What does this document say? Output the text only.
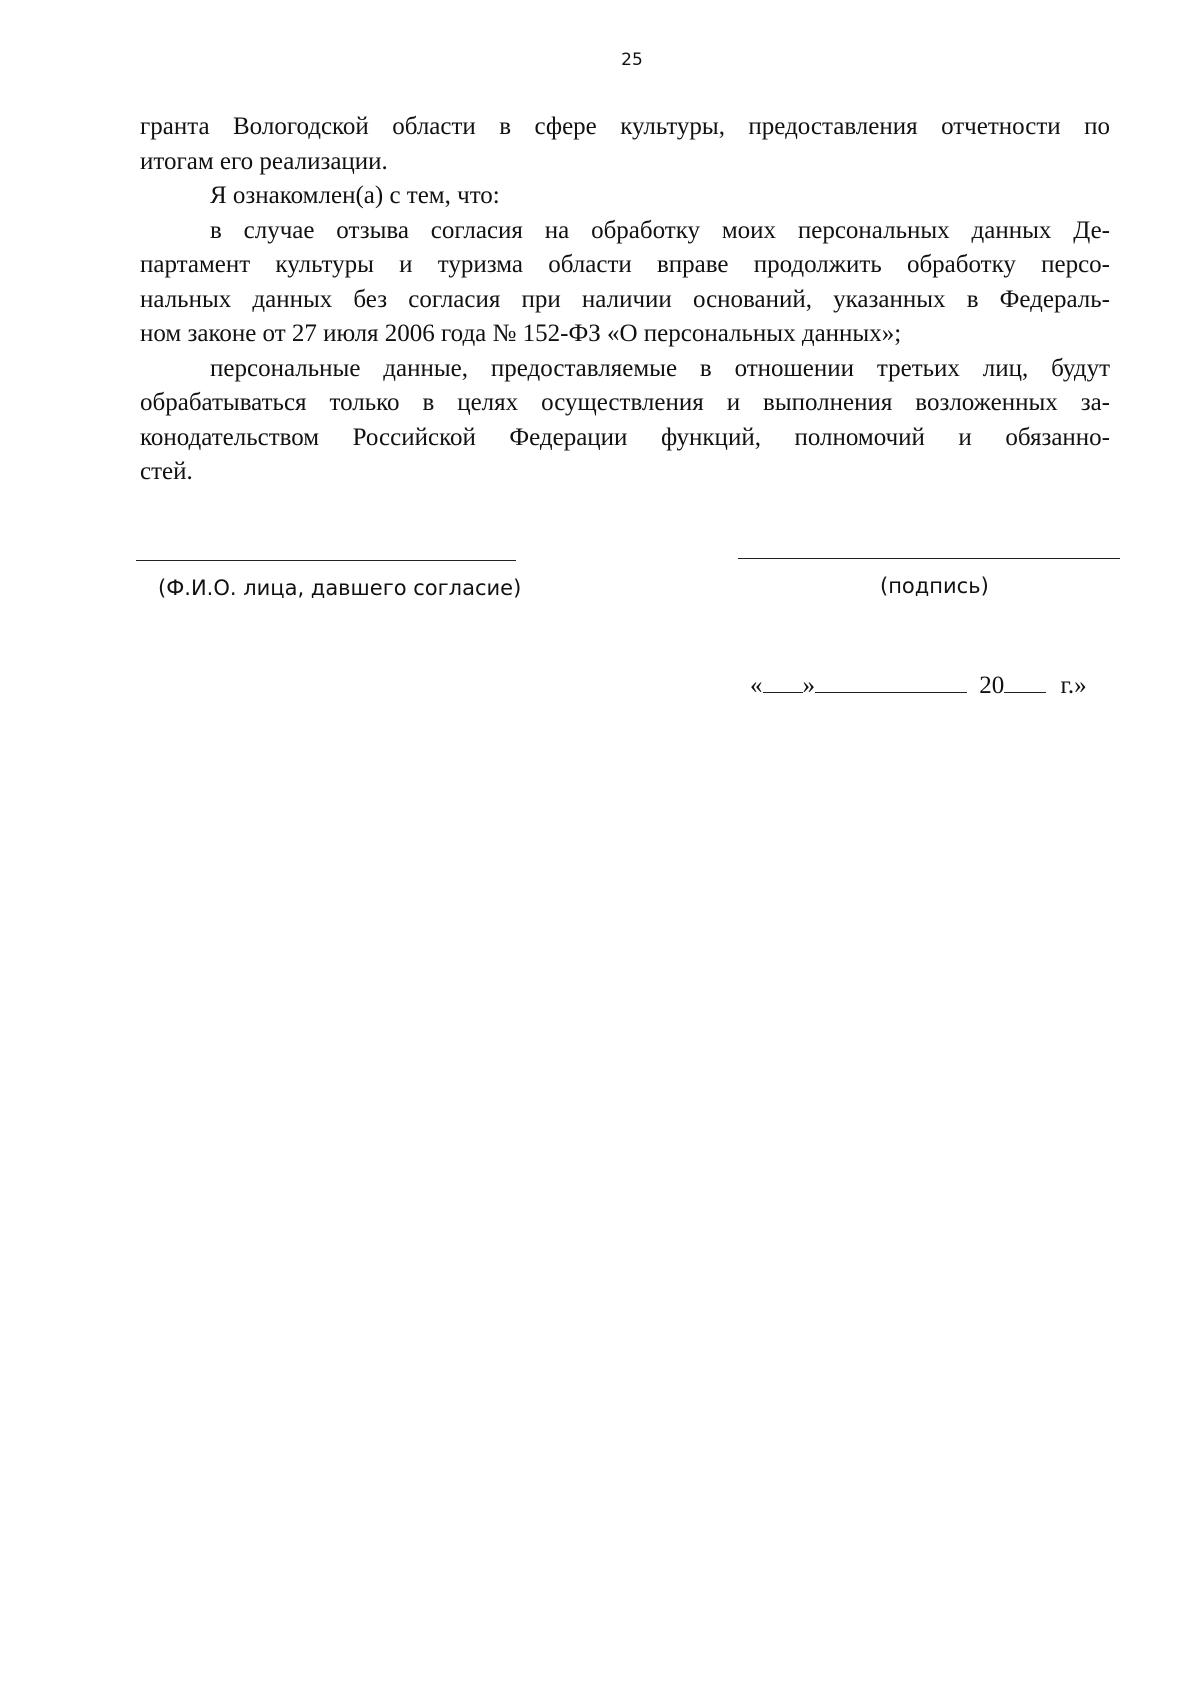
25

гранта Вологодской области в сфере культуры, предоставления отчетности по

итогам его реализации.

Я ознакомлен(а) с тем, что:

в случае отзыва согласия на обработку моих персональных данных Де-

партамент культуры и туризма области вправе продолжить обработку персо-

нальных данных без согласия при наличии оснований, указанных в Федераль-

ном законе от 27 июля 2006 года № 152-ФЗ «О персональных данных»;

персональные данные, предоставляемые в отношении третьих лиц, будут

обрабатываться только в целях осуществления и выполнения возложенных за-

конодательством Российской Федерации функций, полномочий и обязанно-

стей.

(Ф.И.О. лица, давшего согласие)	(подпись)
« »	20 г.»
